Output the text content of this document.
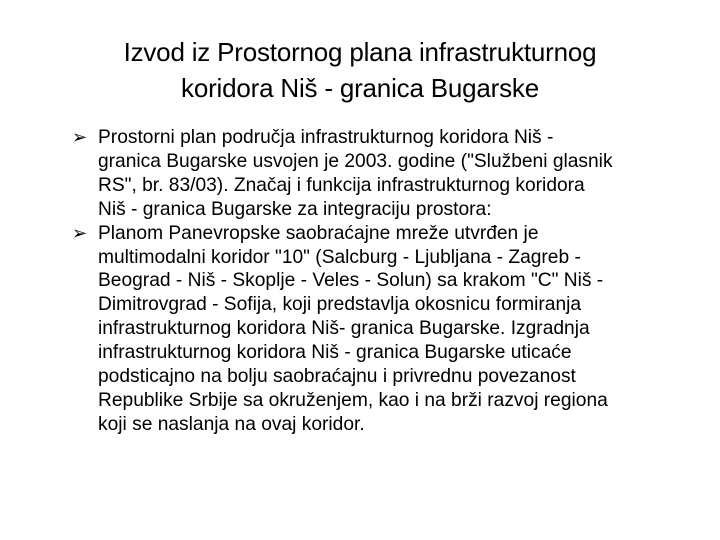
Izvod iz Prostornog plana infrastrukturnog
koridora Niš - granica Bugarske
➢ Prostorni plan područja infrastrukturnog koridora Niš -
granica Bugarske usvojen je 2003. godine ("Službeni glasnik
RS", br. 83/03). Značaj i funkcija infrastrukturnog koridora
Niš - granica Bugarske za integraciju prostora:
➢ Planom Panevropske saobraćajne mreže utvrđen je
multimodalni koridor "10" (Salcburg - Ljubljana - Zagreb -
Beograd - Niš - Skoplje - Veles - Solun) sa krakom "C" Niš -
Dimitrovgrad - Sofija, koji predstavlja okosnicu formiranja
infrastrukturnog koridora Niš- granica Bugarske. Izgradnja
infrastrukturnog koridora Niš - granica Bugarske uticaće
podsticajno na bolju saobraćajnu i privrednu povezanost
Republike Srbije sa okruženjem, kao i na brži razvoj regiona
koji se naslanja na ovaj koridor.
